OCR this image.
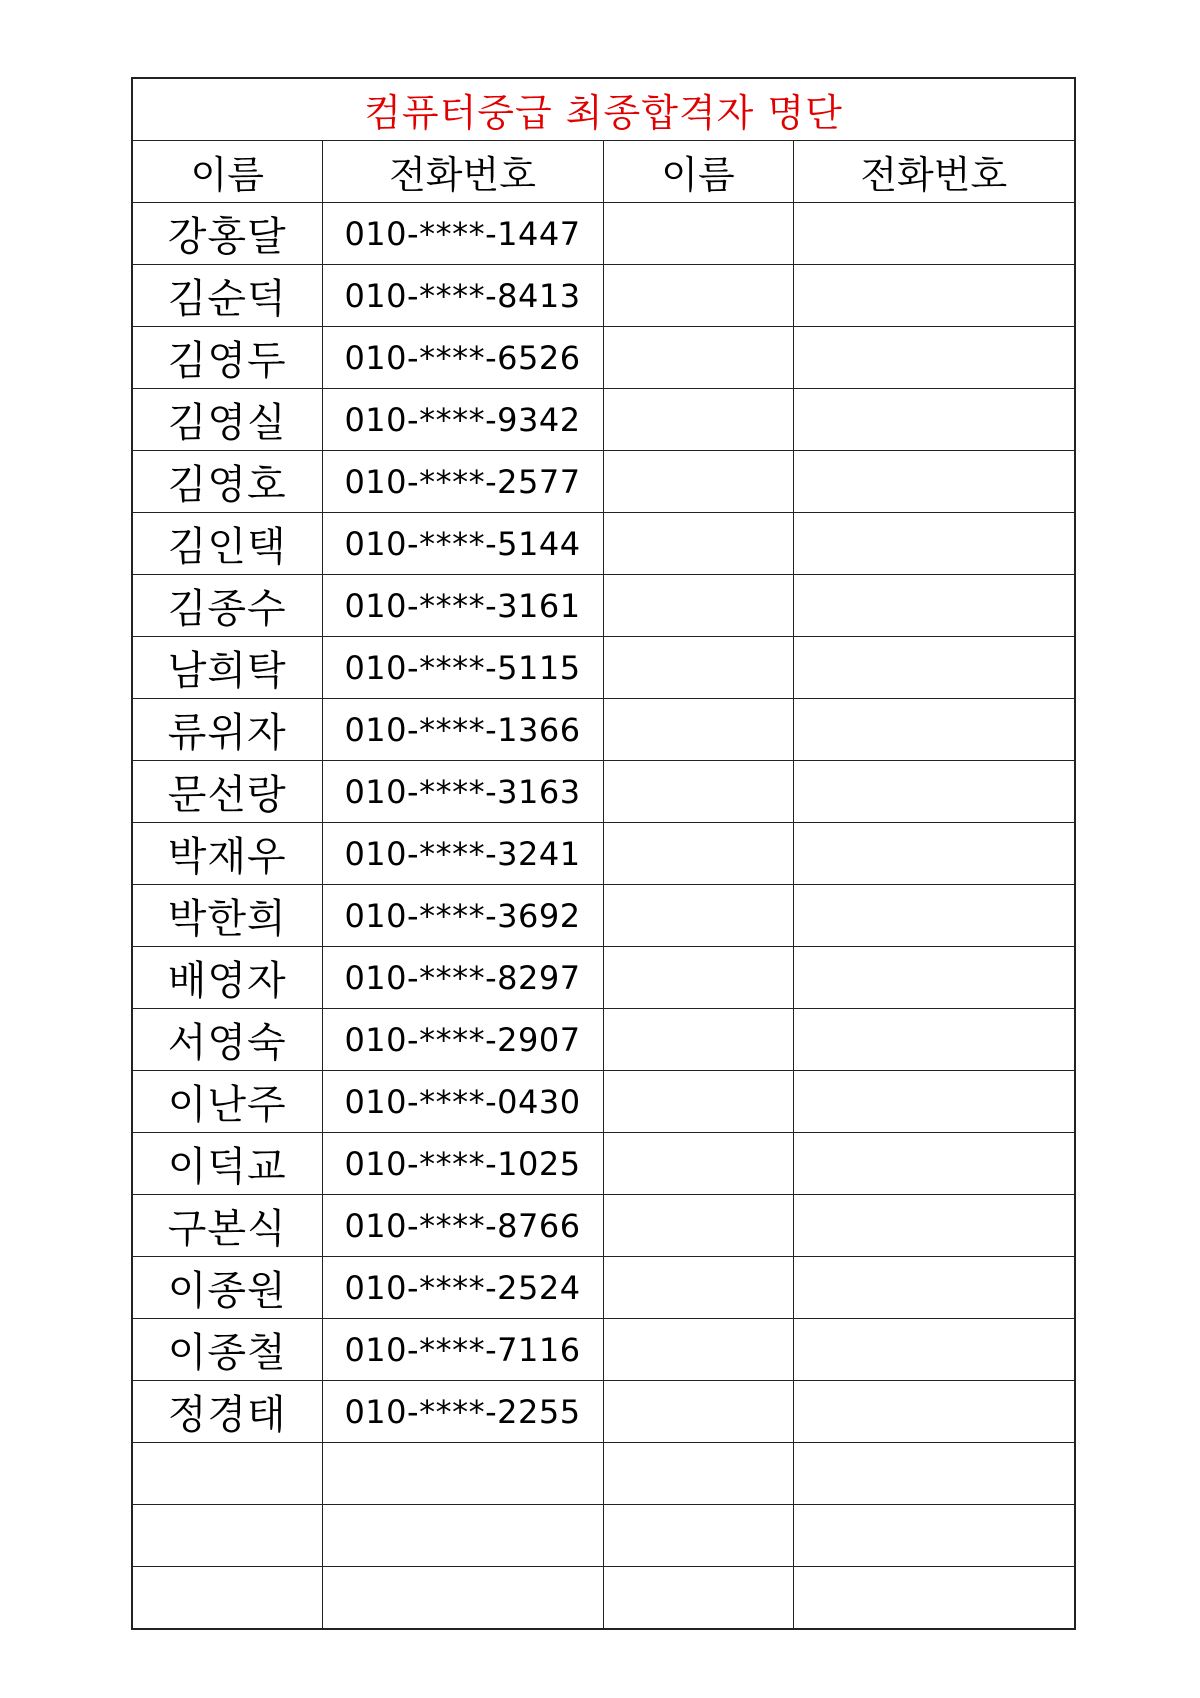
컴퓨터중급 최종합격자 명단			
이름	전화번호	이름	전화번호
강홍달	010-****-1447		
김순덕	010-****-8413		
김영두	010-****-6526		
김영실	010-****-9342		
김영호	010-****-2577		
김인택	010-****-5144		
김종수	010-****-3161		
남희탁	010-****-5115		
류위자	010-****-1366		
문선랑	010-****-3163		
박재우	010-****-3241		
박한희	010-****-3692		
배영자	010-****-8297		
서영숙	010-****-2907		
이난주	010-****-0430		
이덕교	010-****-1025		
구본식	010-****-8766		
이종원	010-****-2524		
이종철	010-****-7116		
정경태	010-****-2255		
